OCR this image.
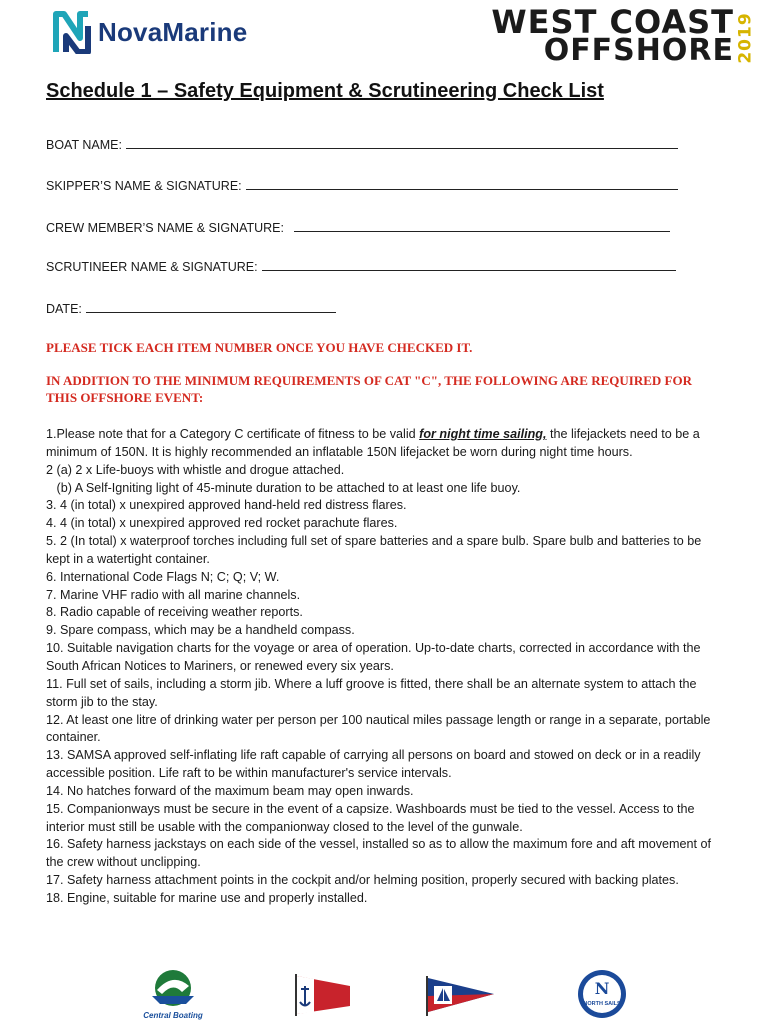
NovaMarine	WEST COAST
OFFSHORE 2019
Schedule 1 – Safety Equipment & Scrutineering Check List
BOAT NAME:
SKIPPER’S NAME & SIGNATURE:
CREW MEMBER’S NAME & SIGNATURE:
SCRUTINEER NAME & SIGNATURE:
DATE:
PLEASE TICK EACH ITEM NUMBER ONCE YOU HAVE CHECKED IT.
IN ADDITION TO THE MINIMUM REQUIREMENTS OF CAT "C", THE FOLLOWING ARE REQUIRED FOR THIS OFFSHORE EVENT:

1.Please note that for a Category C certificate of fitness to be valid for night time sailing, the lifejackets need to be a minimum of 150N. It is highly recommended an inflatable 150N lifejacket be worn during night time hours.

2 (a) 2 x Life-buoys with whistle and drogue attached.

(b) A Self-Igniting light of 45-minute duration to be attached to at least one life buoy.

3. 4 (in total) x unexpired approved hand-held red distress flares.

4. 4 (in total) x unexpired approved red rocket parachute flares.

5. 2 (In total) x waterproof torches including full set of spare batteries and a spare bulb. Spare bulb and batteries to be kept in a watertight container.

6. International Code Flags N; C; Q; V; W.

7. Marine VHF radio with all marine channels.

8. Radio capable of receiving weather reports.

9. Spare compass, which may be a handheld compass.

10. Suitable navigation charts for the voyage or area of operation. Up-to-date charts, corrected in accordance with the South African Notices to Mariners, or renewed every six years.

11. Full set of sails, including a storm jib. Where a luff groove is fitted, there shall be an alternate system to attach the storm jib to the stay.

12. At least one litre of drinking water per person per 100 nautical miles passage length or range in a separate, portable container.

13. SAMSA approved self-inflating life raft capable of carrying all persons on board and stowed on deck or in a readily accessible position. Life raft to be within manufacturer's service intervals.

14. No hatches forward of the maximum beam may open inwards.

15. Companionways must be secure in the event of a capsize. Washboards must be tied to the vessel. Access to the interior must still be usable with the companionway closed to the level of the gunwale.

16. Safety harness jackstays on each side of the vessel, installed so as to allow the maximum fore and aft movement of the crew without unclipping.

17. Safety harness attachment points in the cockpit and/or helming position, properly secured with backing plates.

18. Engine, suitable for marine use and properly installed.

Central Boating
N
NORTH SAILS
